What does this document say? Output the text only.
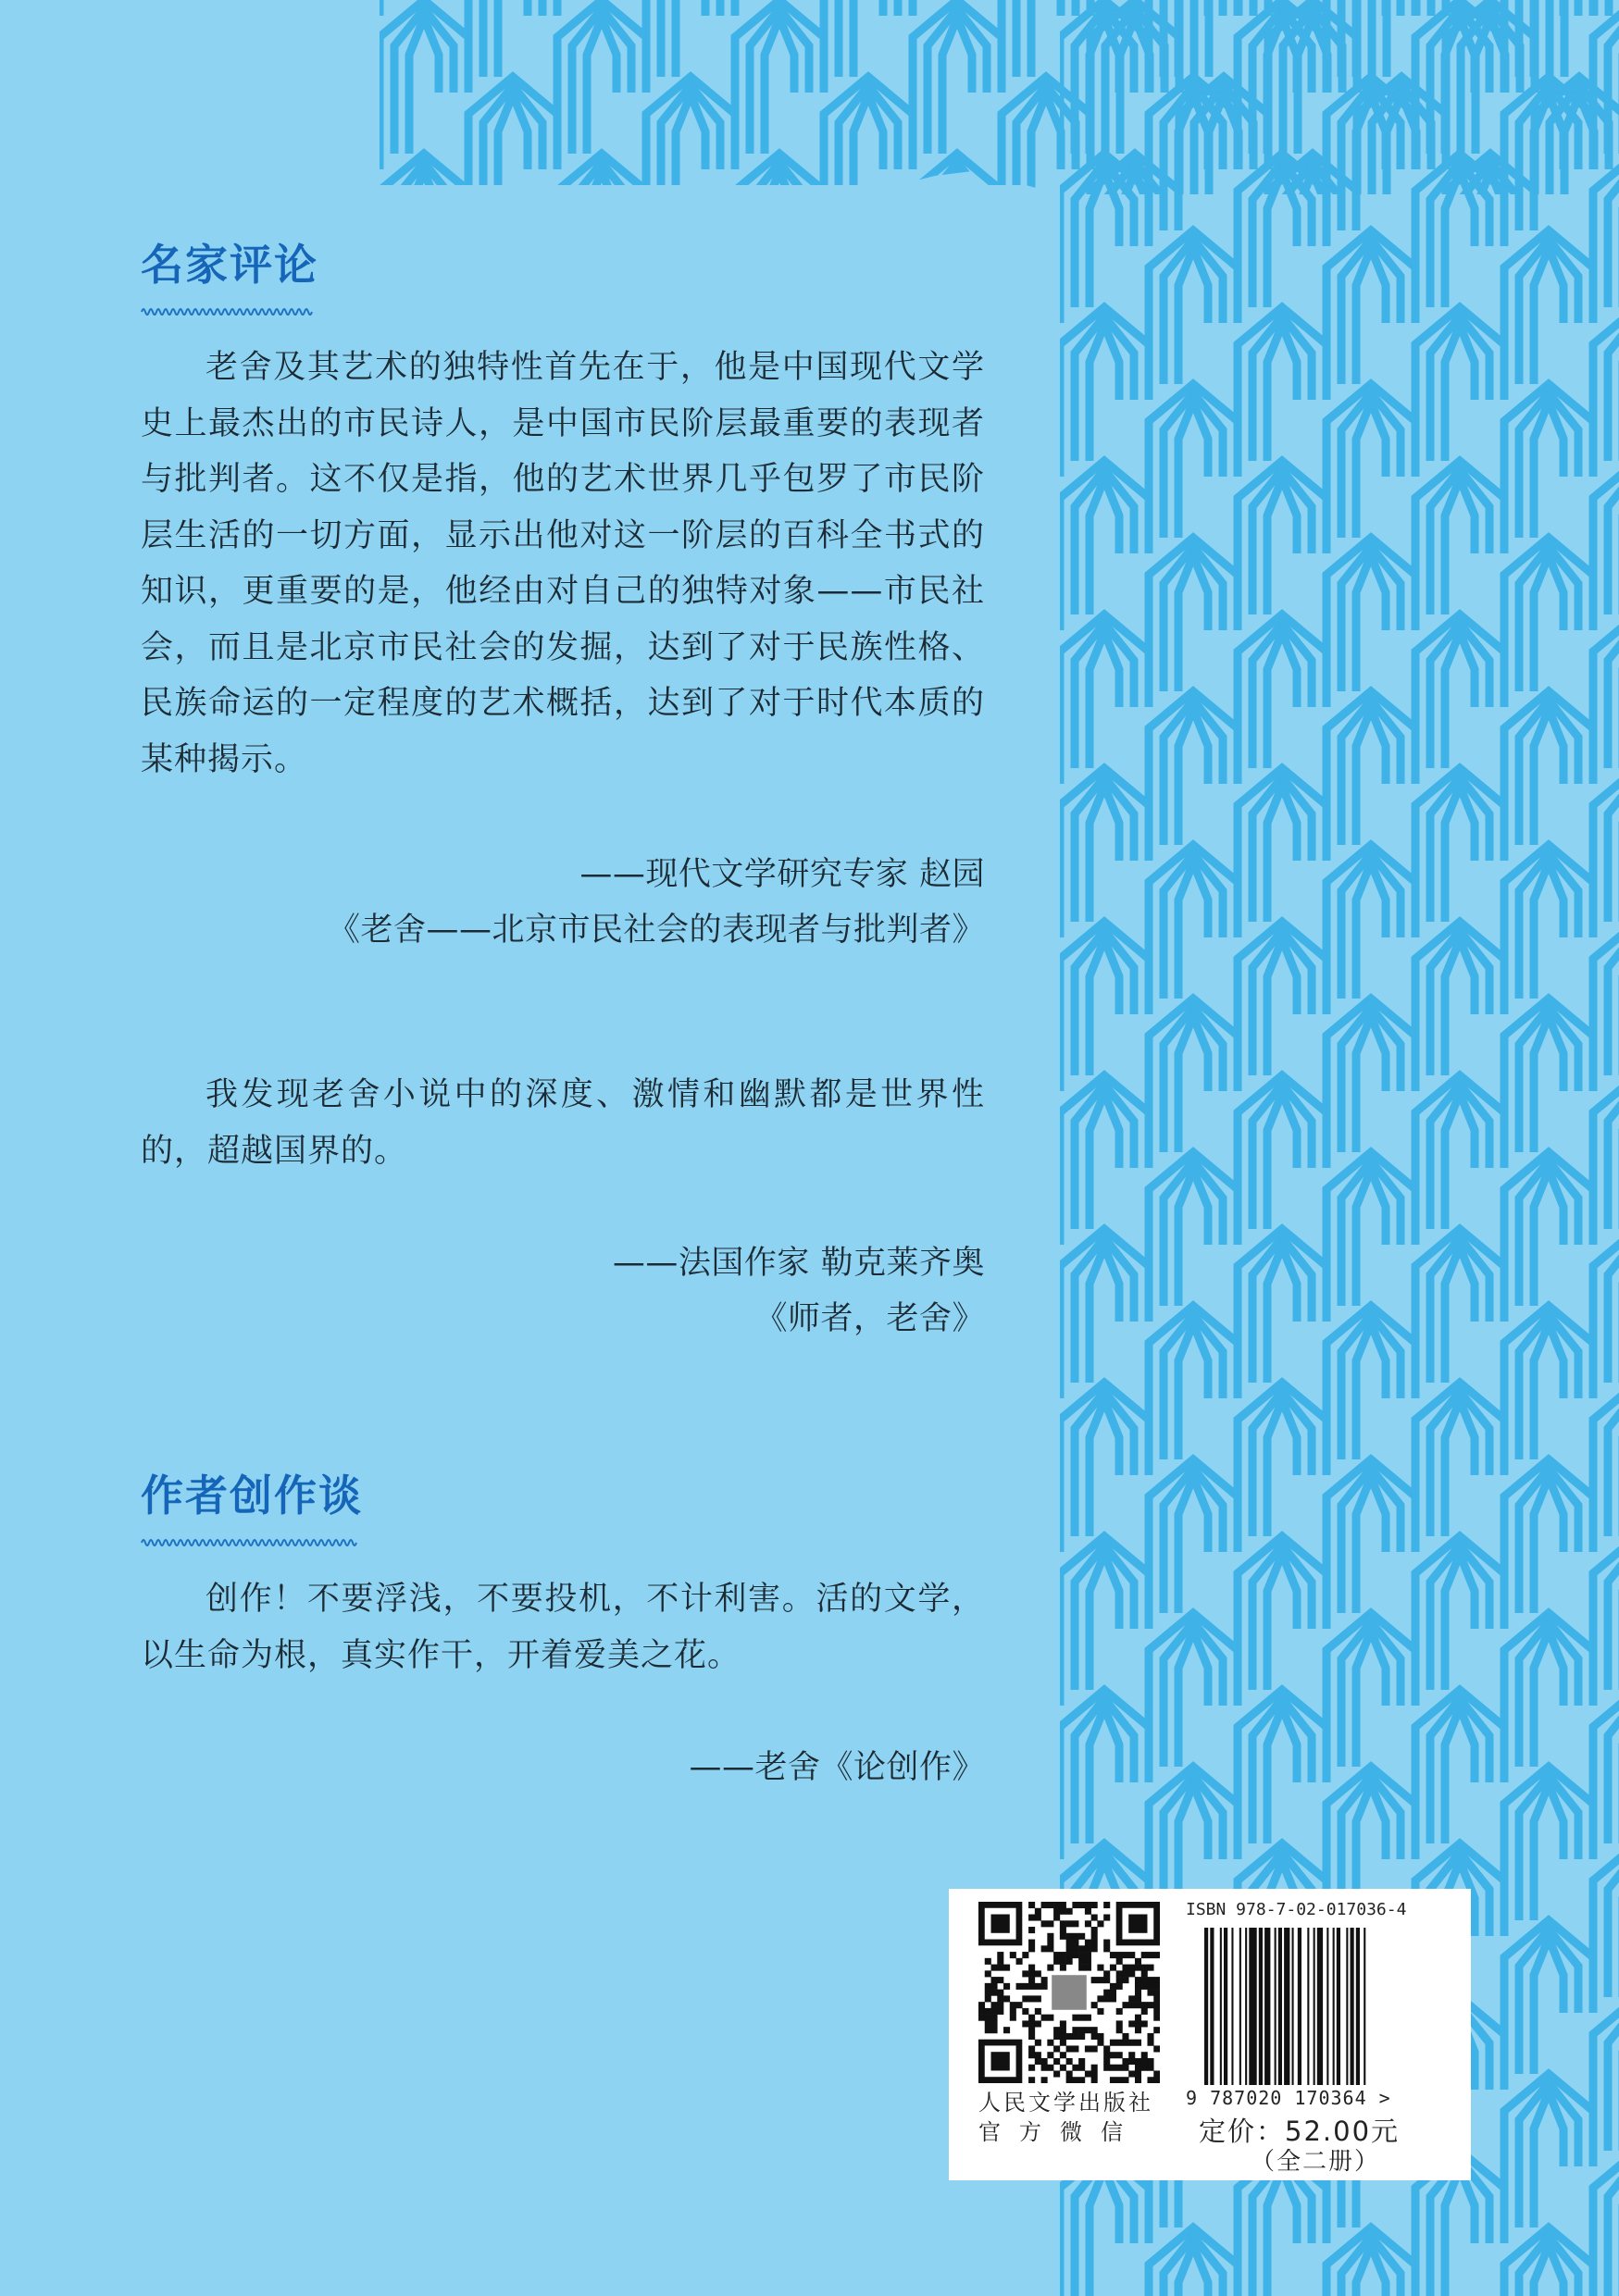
名家评论
老舍及其艺术的独特性首先在于，他是中国现代文学史上最杰出的市民诗人，是中国市民阶层最重要的表现者与批判者。这不仅是指，他的艺术世界几乎包罗了市民阶层生活的一切方面，显示出他对这一阶层的百科全书式的知识，更重要的是，他经由对自己的独特对象——市民社会，而且是北京市民社会的发掘，达到了对于民族性格、民族命运的一定程度的艺术概括，达到了对于时代本质的某种揭示。

——现代文学研究专家 赵园

《老舍——北京市民社会的表现者与批判者》

我发现老舍小说中的深度、激情和幽默都是世界性的，超越国界的。

——法国作家 勒克莱齐奥

《师者，老舍》

作者创作谈
创作！不要浮浅，不要投机，不计利害。活的文学，以生命为根，真实作干，开着爱美之花。

——老舍《论创作》

人民文学出版社
官方微信
ISBN 978-7-02-017036-4
9 787020 170364 >
定价：52.00元
（全二册）
